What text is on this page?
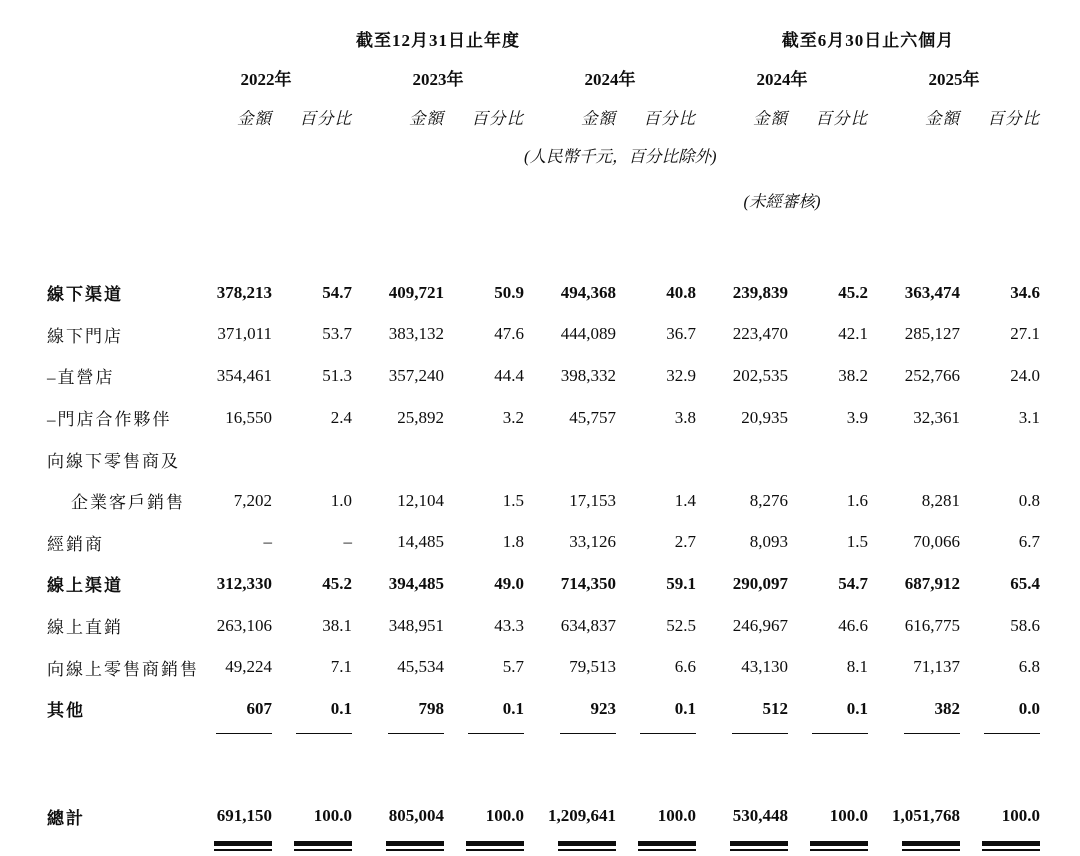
	截至12月31日止年度						截至6月30日止六個月			
	2022年		2023年		2024年		2024年		2025年	
	金額	百分比	金額	百分比	金額	百分比	金額	百分比	金額	百分比
					(人民幣千元，百分比除外)					
							(未經審核)			

線下渠道	378,213	54.7	409,721	50.9	494,368	40.8	239,839	45.2	363,474	34.6
線下門店	371,011	53.7	383,132	47.6	444,089	36.7	223,470	42.1	285,127	27.1
–直營店	354,461	51.3	357,240	44.4	398,332	32.9	202,535	38.2	252,766	24.0
–門店合作夥伴	16,550	2.4	25,892	3.2	45,757	3.8	20,935	3.9	32,361	3.1
向線下零售商及										
企業客戶銷售	7,202	1.0	12,104	1.5	17,153	1.4	8,276	1.6	8,281	0.8
經銷商	–	–	14,485	1.8	33,126	2.7	8,093	1.5	70,066	6.7
線上渠道	312,330	45.2	394,485	49.0	714,350	59.1	290,097	54.7	687,912	65.4
線上直銷	263,106	38.1	348,951	43.3	634,837	52.5	246,967	46.6	616,775	58.6
向線上零售商銷售	49,224	7.1	45,534	5.7	79,513	6.6	43,130	8.1	71,137	6.8
其他	607	0.1	798	0.1	923	0.1	512	0.1	382	0.0

總計	691,150	100.0	805,004	100.0	1,209,641	100.0	530,448	100.0	1,051,768	100.0
